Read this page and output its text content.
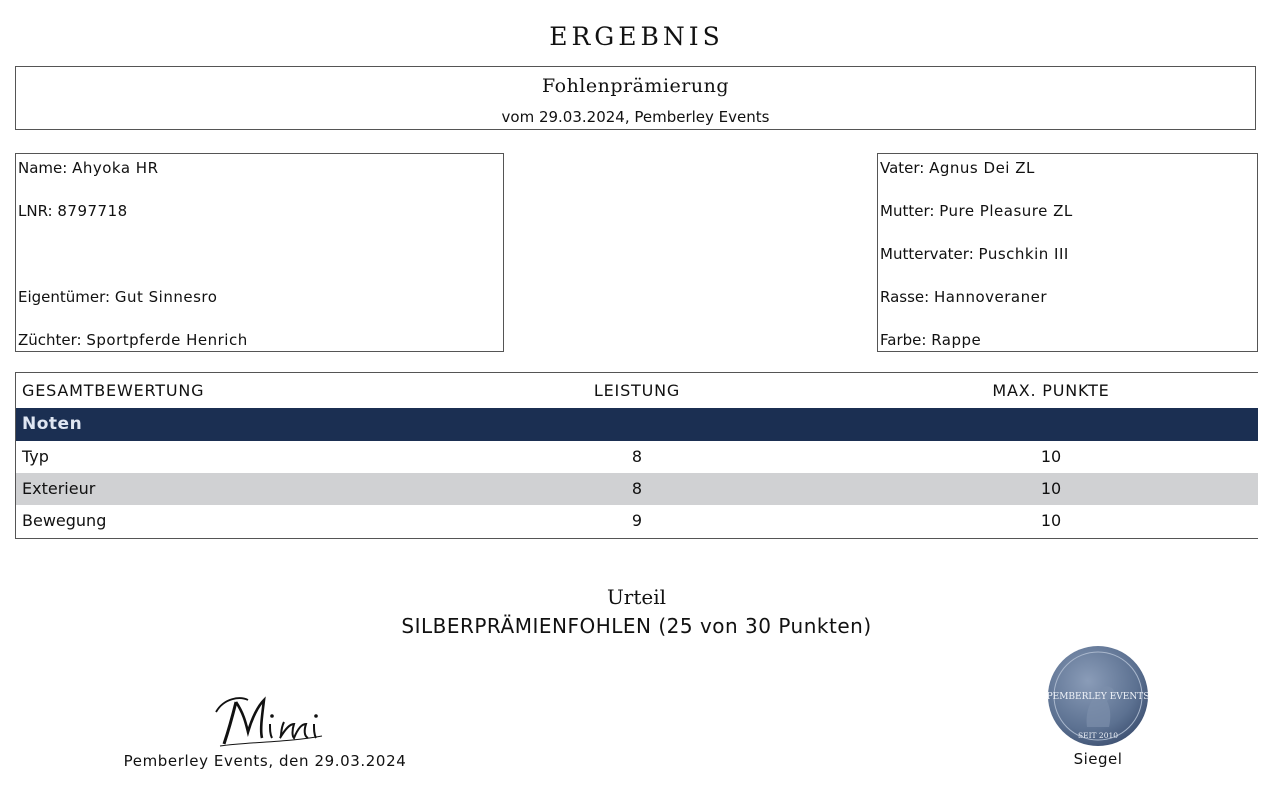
ERGEBNIS
Fohlenprämierung
vom 29.03.2024, Pemberley Events
Name: Ahyoka HR
LNR: 8797718
Eigentümer: Gut Sinnesro
Züchter: Sportpferde Henrich
Vater: Agnus Dei ZL
Mutter: Pure Pleasure ZL
Muttervater: Puschkin III
Rasse: Hannoveraner
Farbe: Rappe
GESAMTBEWERTUNG	LEISTUNG	MAX. PUNKTE
Noten
Typ	8	10
Exterieur	8	10
Bewegung	9	10
Urteil
SILBERPRÄMIENFOHLEN (25 von 30 Punkten)
Pemberley Events, den 29.03.2024
PEMBERLEY EVENTS
SEIT 2010
Siegel
